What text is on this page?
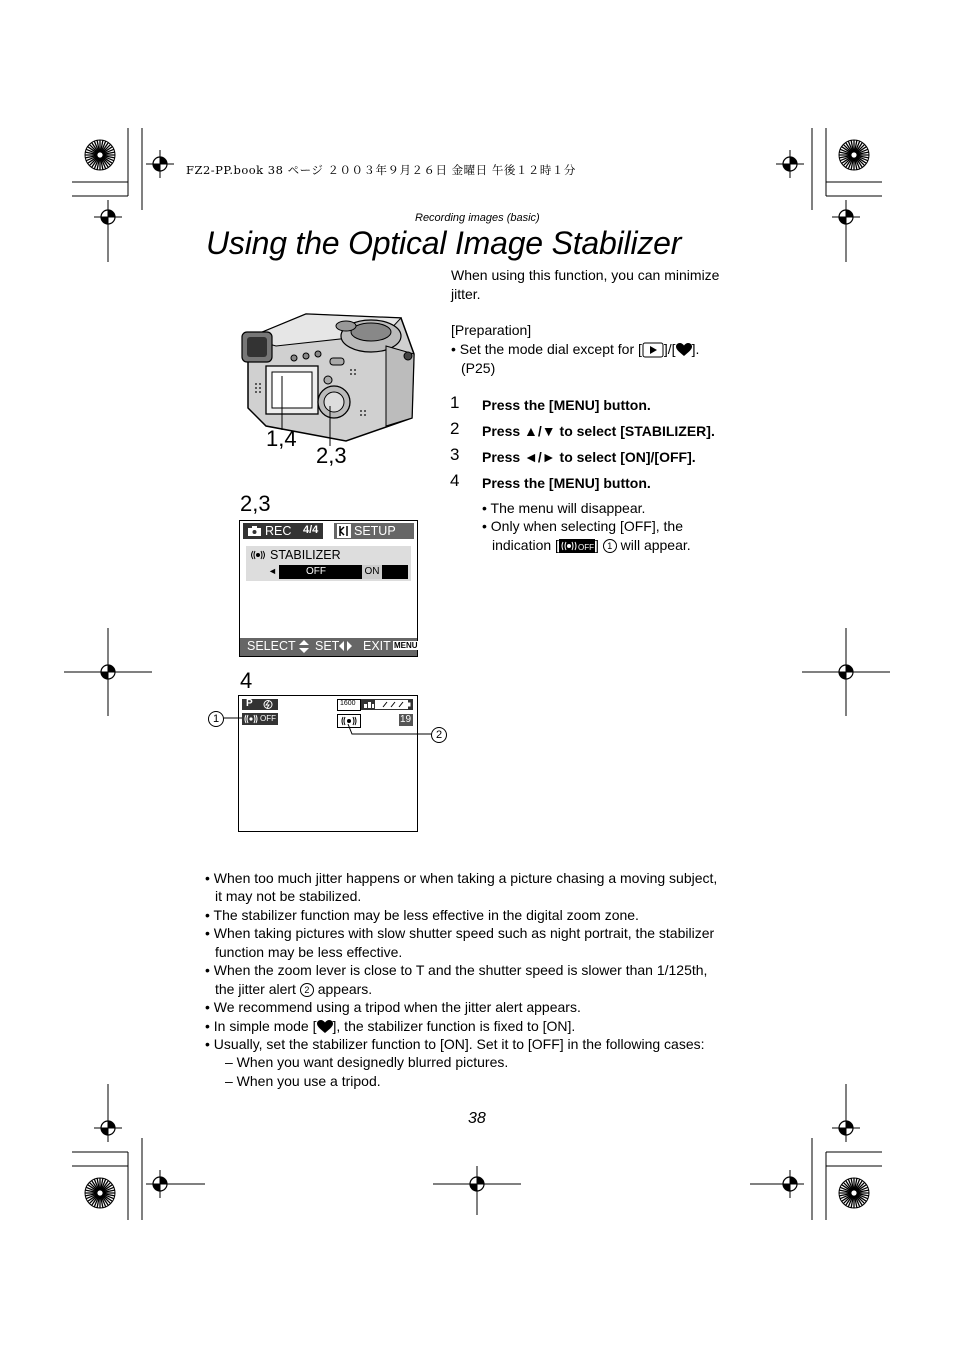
FZ2-PP.book 38 ページ ２００３年９月２６日 金曜日 午後１２時１分
Recording images (basic)
Using the Optical Image Stabilizer
When using this function, you can minimize jitter.
[Preparation]
• Set the mode dial except for [ ]/[ ].
(P25)
1 Press the [MENU] button.
2 Press ▲/▼ to select [STABILIZER].
3 Press ◄/► to select [ON]/[OFF].
4 Press the [MENU] button.
• The menu will disappear.
• Only when selecting [OFF], the
indication [ OFF ] 1 will appear.
1,4
2,3
2,3
REC 4/4	SETUP
STABILIZER
◄	OFF	ON
SELECT SET EXIT MENU
4
P
OFF
1600
19
1
2
• When too much jitter happens or when taking a picture chasing a moving subject,
it may not be stabilized.
• The stabilizer function may be less effective in the digital zoom zone.
• When taking pictures with slow shutter speed such as night portrait, the stabilizer
function may be less effective.
• When the zoom lever is close to T and the shutter speed is slower than 1/125th,
the jitter alert 2 appears.
• We recommend using a tripod when the jitter alert appears.
• In simple mode [ ], the stabilizer function is fixed to [ON].
• Usually, set the stabilizer function to [ON]. Set it to [OFF] in the following cases:
– When you want designedly blurred pictures.
– When you use a tripod.
38
